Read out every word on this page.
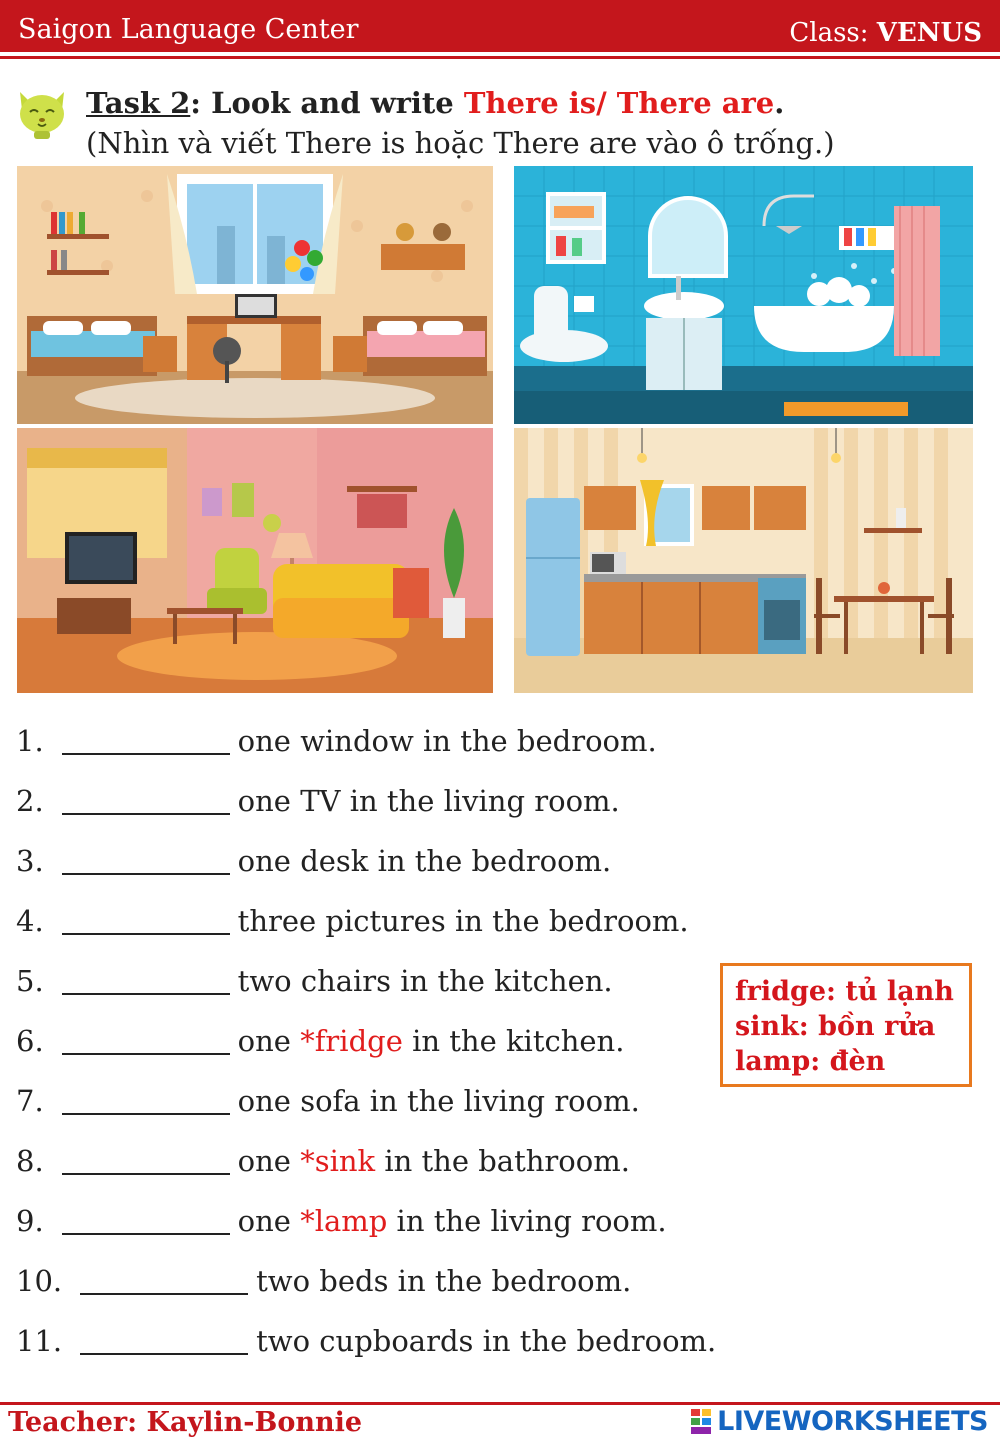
Saigon Language Center	Class: VENUS
Task 2: Look and write There is/ There are.
(Nhìn và viết There is hoặc There are vào ô trống.)
1.	one window in the bedroom.
2.	one TV in the living room.
3.	one desk in the bedroom.
4.	three pictures in the bedroom.
5.	two chairs in the kitchen.
6.	one *fridge in the kitchen.
7.	one sofa in the living room.
8.	one *sink in the bathroom.
9.	one *lamp in the living room.
10.	two beds in the bedroom.
11.	two cupboards in the bedroom.
fridge: tủ lạnh
sink: bồn rửa
lamp: đèn
Teacher: Kaylin-Bonnie	LIVEWORKSHEETS
